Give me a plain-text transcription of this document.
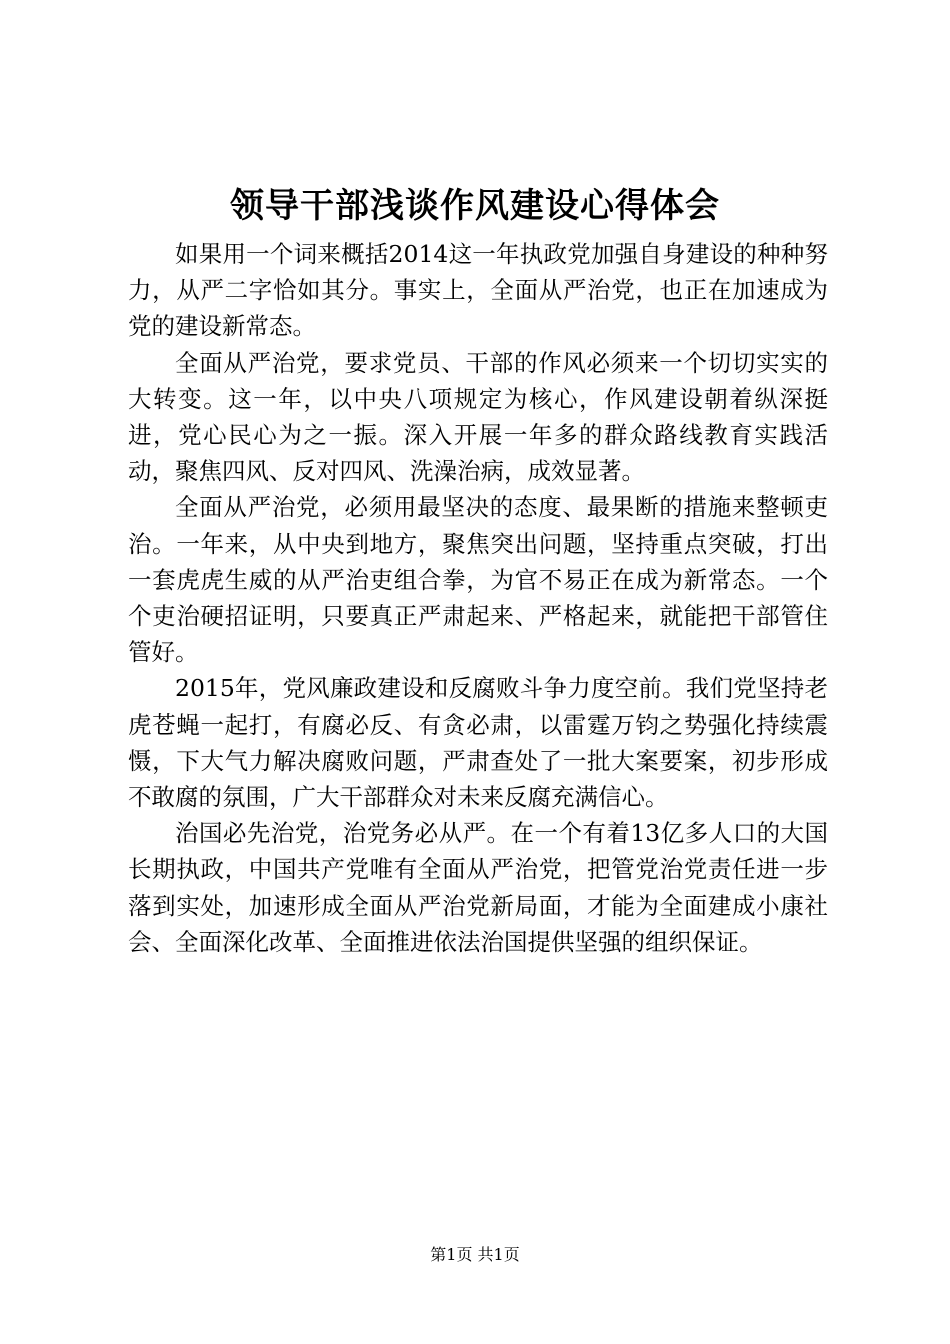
领导干部浅谈作风建设心得体会

如果用一个词来概括2014这一年执政党加强自身建设的种种努力，从严二字恰如其分。事实上，全面从严治党，也正在加速成为党的建设新常态。

全面从严治党，要求党员、干部的作风必须来一个切切实实的大转变。这一年，以中央八项规定为核心，作风建设朝着纵深挺进，党心民心为之一振。深入开展一年多的群众路线教育实践活动，聚焦四风、反对四风、洗澡治病，成效显著。

全面从严治党，必须用最坚决的态度、最果断的措施来整顿吏治。一年来，从中央到地方，聚焦突出问题，坚持重点突破，打出一套虎虎生威的从严治吏组合拳，为官不易正在成为新常态。一个个吏治硬招证明，只要真正严肃起来、严格起来，就能把干部管住管好。

2015年，党风廉政建设和反腐败斗争力度空前。我们党坚持老虎苍蝇一起打，有腐必反、有贪必肃，以雷霆万钧之势强化持续震慑，下大气力解决腐败问题，严肃查处了一批大案要案，初步形成不敢腐的氛围，广大干部群众对未来反腐充满信心。

治国必先治党，治党务必从严。在一个有着13亿多人口的大国长期执政，中国共产党唯有全面从严治党，把管党治党责任进一步落到实处，加速形成全面从严治党新局面，才能为全面建成小康社会、全面深化改革、全面推进依法治国提供坚强的组织保证。

第1页 共1页
